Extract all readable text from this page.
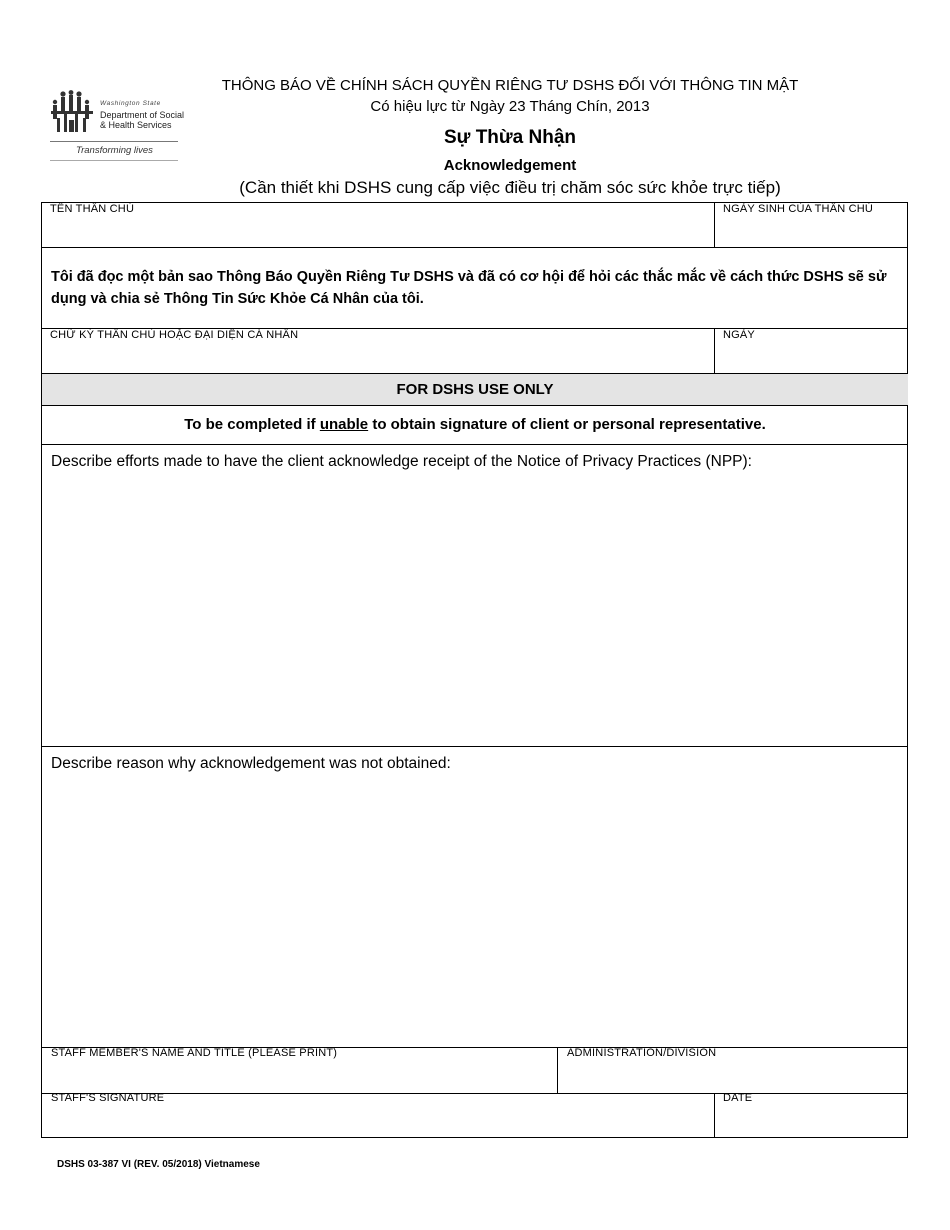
Washington State
Department of Social & Health Services
Transforming lives
THÔNG BÁO VỀ CHÍNH SÁCH QUYỀN RIÊNG TƯ DSHS ĐỐI VỚI THÔNG TIN MẬT
Có hiệu lực từ Ngày 23 Tháng Chín, 2013
Sự Thừa Nhận
Acknowledgement
(Cần thiết khi DSHS cung cấp việc điều trị chăm sóc sức khỏe trực tiếp)
TÊN THÂN CHỦ	NGÀY SINH CỦA THÂN CHỦ
Tôi đã đọc một bản sao Thông Báo Quyền Riêng Tư DSHS và đã có cơ hội để hỏi các thắc mắc về cách thức DSHS sẽ sử dụng và chia sẻ Thông Tin Sức Khỏe Cá Nhân của tôi.
CHỮ KÝ THÂN CHỦ HOẶC ĐẠI DIỆN CÁ NHÂN	NGÀY
FOR DSHS USE ONLY
To be completed if unable to obtain signature of client or personal representative.
Describe efforts made to have the client acknowledge receipt of the Notice of Privacy Practices (NPP):
Describe reason why acknowledgement was not obtained:
STAFF MEMBER'S NAME AND TITLE (PLEASE PRINT)	ADMINISTRATION/DIVISION
STAFF'S SIGNATURE	DATE
DSHS 03-387 VI (REV. 05/2018) Vietnamese
